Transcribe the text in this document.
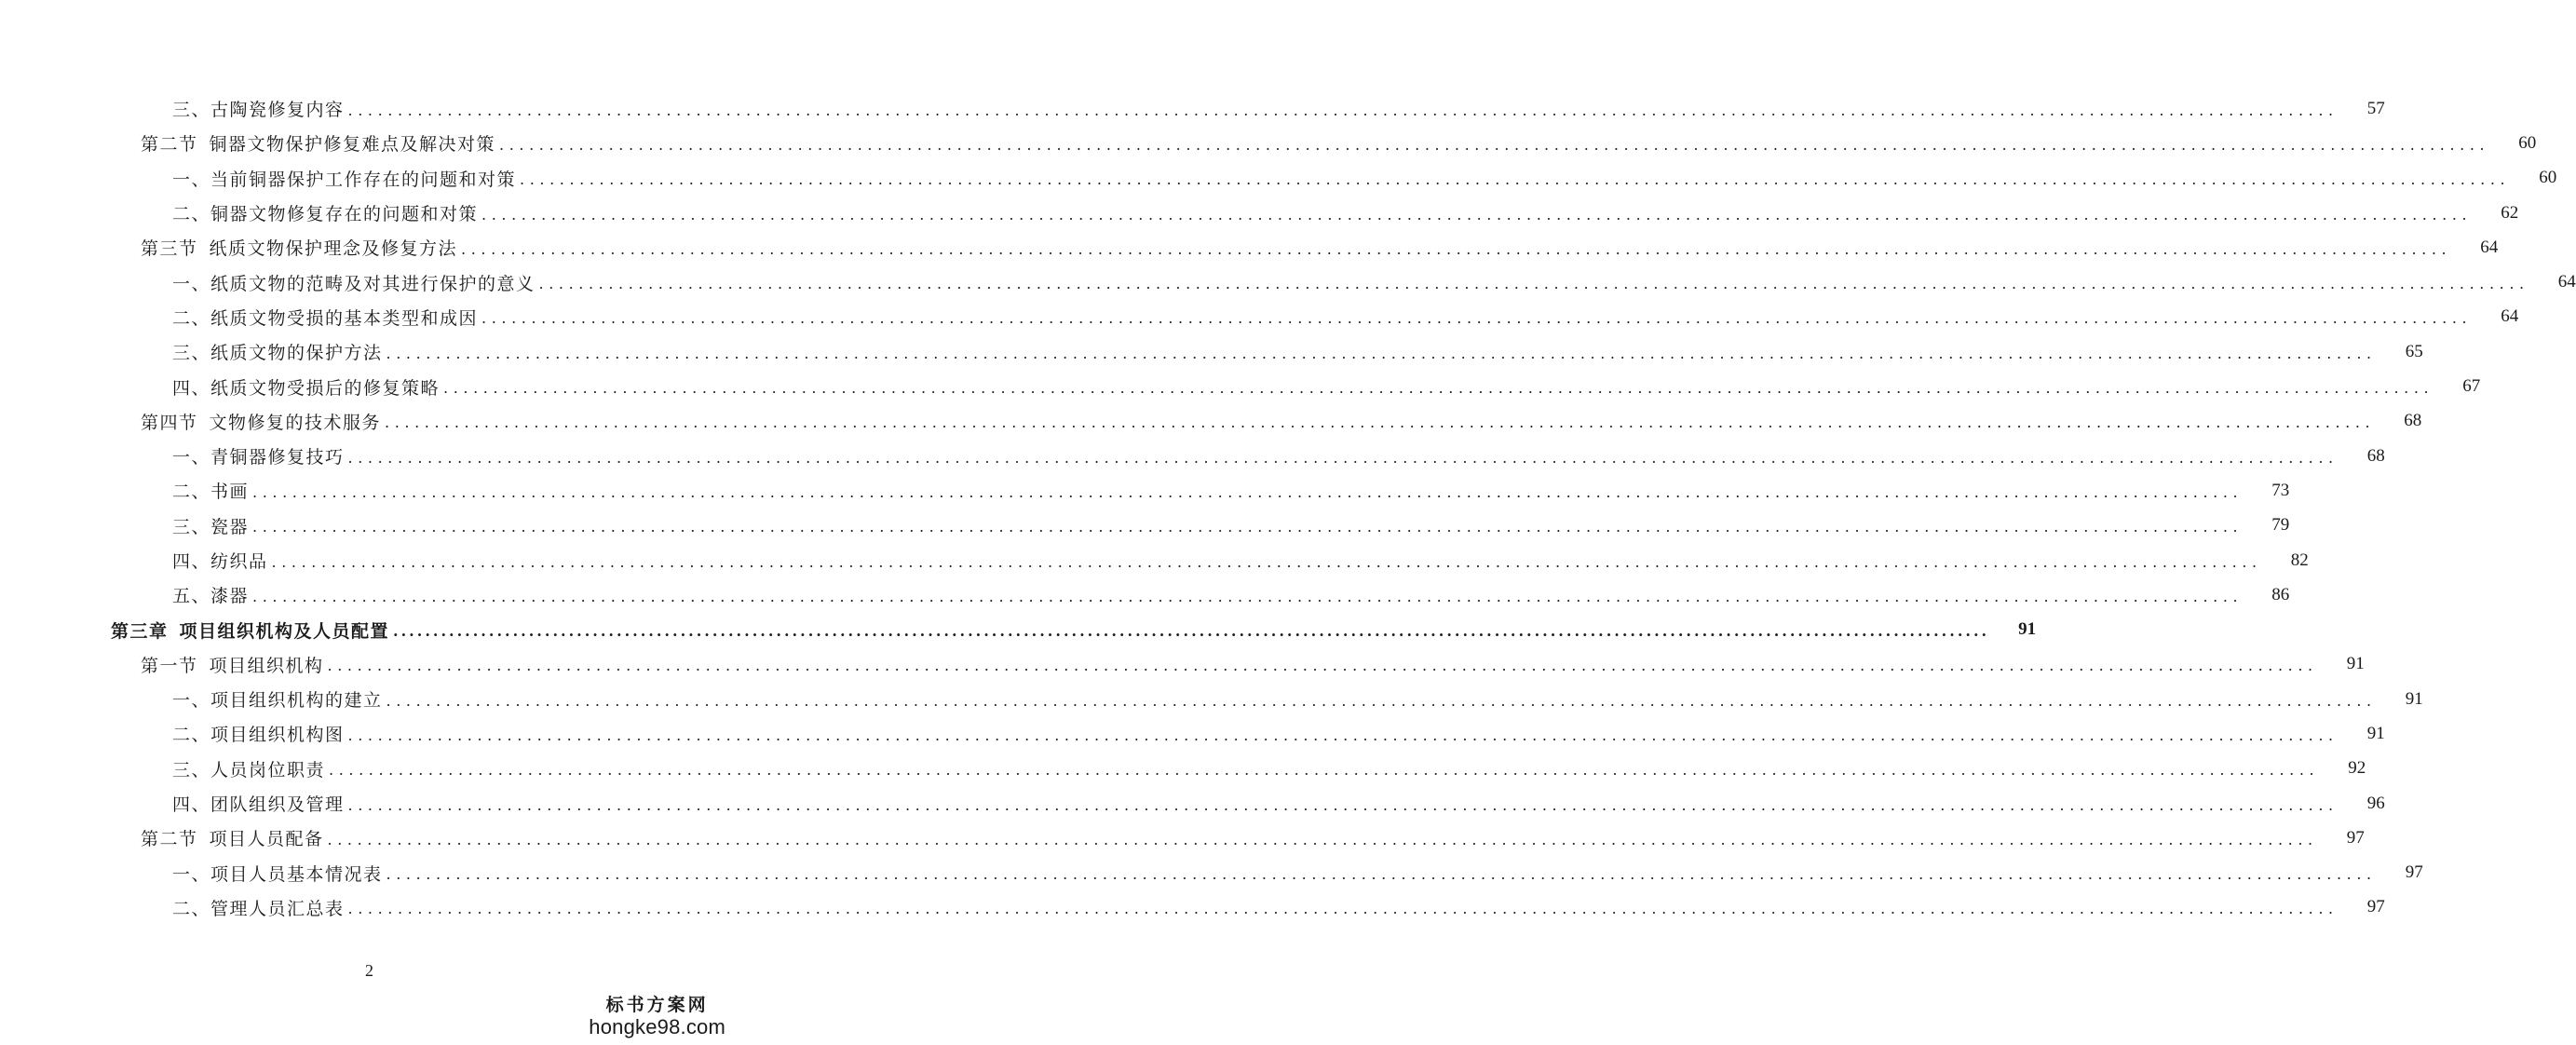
三、古陶瓷修复内容 ........................................................................................................................................................................................................	57
第二节 铜器文物保护修复难点及解决对策 ........................................................................................................................................................................................................	60
一、当前铜器保护工作存在的问题和对策 ........................................................................................................................................................................................................	60
二、铜器文物修复存在的问题和对策 ........................................................................................................................................................................................................	62
第三节 纸质文物保护理念及修复方法 ........................................................................................................................................................................................................	64
一、纸质文物的范畴及对其进行保护的意义 ........................................................................................................................................................................................................	64
二、纸质文物受损的基本类型和成因 ........................................................................................................................................................................................................	64
三、纸质文物的保护方法 ........................................................................................................................................................................................................	65
四、纸质文物受损后的修复策略 ........................................................................................................................................................................................................	67
第四节 文物修复的技术服务 ........................................................................................................................................................................................................	68
一、青铜器修复技巧 ........................................................................................................................................................................................................	68
二、书画 ........................................................................................................................................................................................................	73
三、瓷器 ........................................................................................................................................................................................................	79
四、纺织品 ........................................................................................................................................................................................................	82
五、漆器 ........................................................................................................................................................................................................	86
第三章 项目组织机构及人员配置 ........................................................................................................................................................................................................	91
第一节 项目组织机构 ........................................................................................................................................................................................................	91
一、项目组织机构的建立 ........................................................................................................................................................................................................	91
二、项目组织机构图 ........................................................................................................................................................................................................	91
三、人员岗位职责 ........................................................................................................................................................................................................	92
四、团队组织及管理 ........................................................................................................................................................................................................	96
第二节 项目人员配备 ........................................................................................................................................................................................................	97
一、项目人员基本情况表 ........................................................................................................................................................................................................	97
二、管理人员汇总表 ........................................................................................................................................................................................................	97
2
标书方案网
hongke98.com
